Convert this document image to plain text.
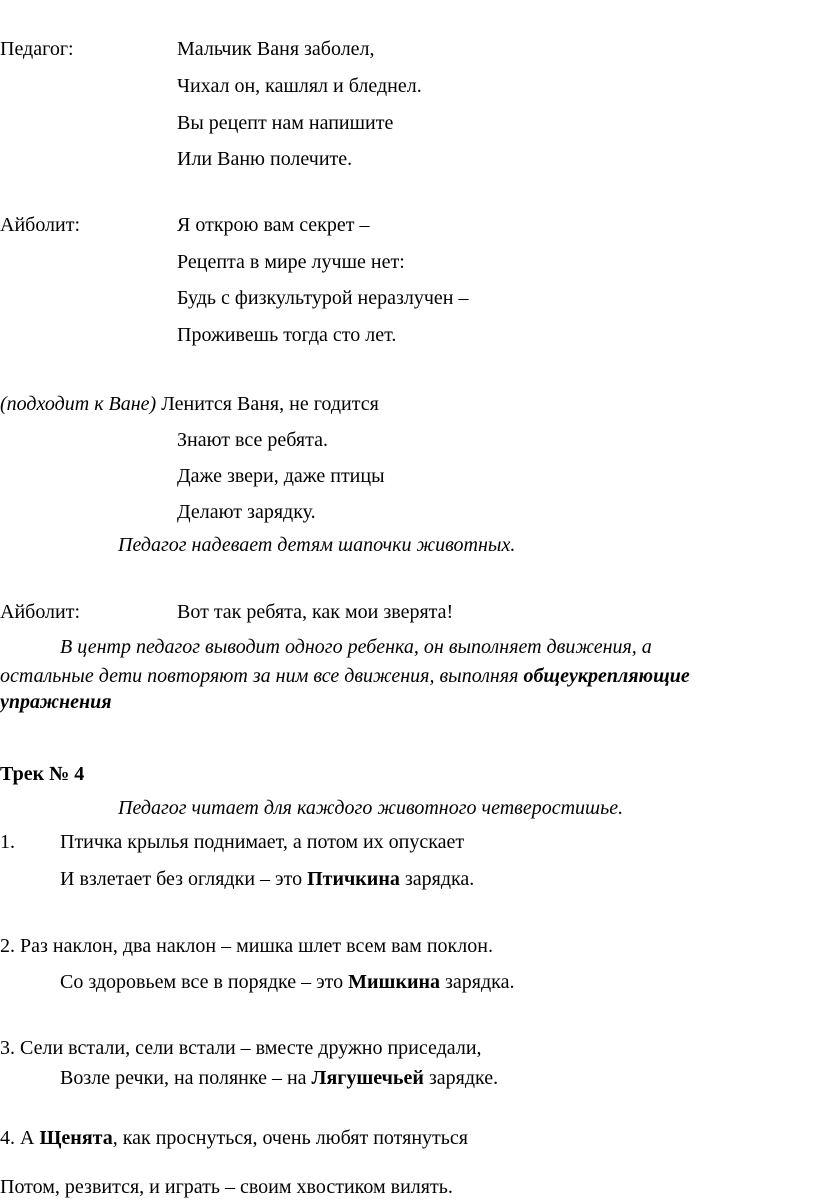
Педагог:	Мальчик Ваня заболел,
Чихал он, кашлял и бледнел.
Вы рецепт нам напишите
Или Ваню полечите.
Айболит:	Я открою вам секрет –
Рецепта в мире лучше нет:
Будь с физкультурой неразлучен –
Проживешь тогда сто лет.
(подходит к Ване) Ленится Ваня, не годится
Знают все ребята.
Даже звери, даже птицы
Делают зарядку.
Педагог надевает детям шапочки животных.
Айболит:	Вот так ребята, как мои зверята!
В центр педагог выводит одного ребенка, он выполняет движения, а
остальные дети повторяют за ним все движения, выполняя общеукрепляющие
упражнения
Трек № 4
Педагог читает для каждого животного четверостишье.
1. Птичка крылья поднимает, а потом их опускает
И взлетает без оглядки – это Птичкина зарядка.
2. Раз наклон, два наклон – мишка шлет всем вам поклон.
Со здоровьем все в порядке – это Мишкина зарядка.
3. Сели встали, сели встали – вместе дружно приседали,
Возле речки, на полянке – на Лягушечьей зарядке.
4. А Щенята, как проснуться, очень любят потянуться
Потом, резвится, и играть – своим хвостиком вилять.
